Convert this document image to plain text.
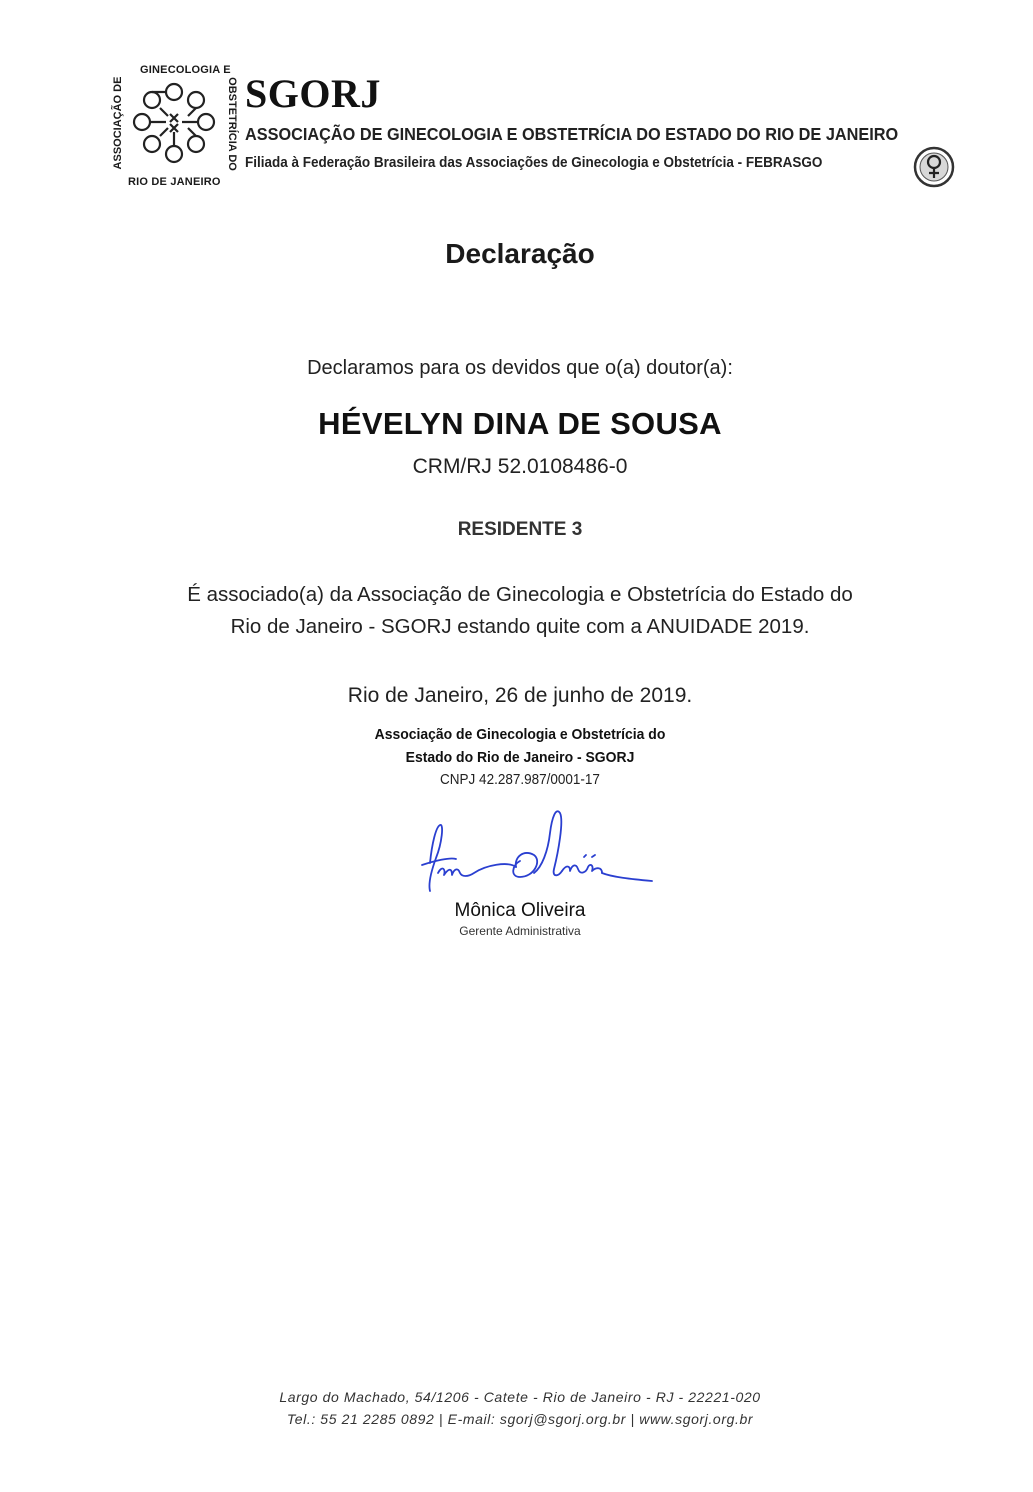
GINECOLOGIA E
ASSOCIAÇÃO DE	OBSTETRÍCIA DO
RIO DE JANEIRO
SGORJ
ASSOCIAÇÃO DE GINECOLOGIA E OBSTETRÍCIA DO ESTADO DO RIO DE JANEIRO
Filiada à Federação Brasileira das Associações de Ginecologia e Obstetrícia - FEBRASGO
Declaração
Declaramos para os devidos que o(a) doutor(a):
HÉVELYN DINA DE SOUSA
CRM/RJ 52.0108486-0
RESIDENTE 3
É associado(a) da Associação de Ginecologia e Obstetrícia do Estado do
Rio de Janeiro - SGORJ estando quite com a ANUIDADE 2019.
Rio de Janeiro, 26 de junho de 2019.
Associação de Ginecologia e Obstetrícia do
Estado do Rio de Janeiro - SGORJ
CNPJ 42.287.987/0001-17
Mônica Oliveira
Gerente Administrativa
Largo do Machado, 54/1206 - Catete - Rio de Janeiro - RJ - 22221-020
Tel.: 55 21 2285 0892 | E-mail: sgorj@sgorj.org.br | www.sgorj.org.br
